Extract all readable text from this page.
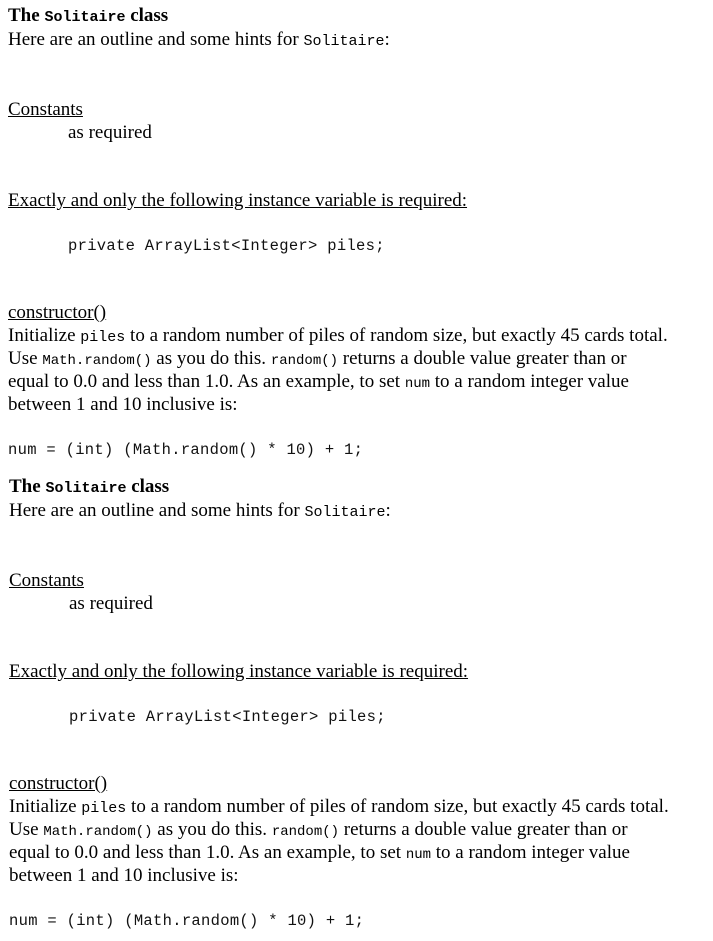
The Solitaire class
Here are an outline and some hints for Solitaire:
Constants
as required
Exactly and only the following instance variable is required:
private ArrayList<Integer> piles;
constructor()
Initialize piles to a random number of piles of random size, but exactly 45 cards total.
Use Math.random() as you do this. random() returns a double value greater than or
equal to 0.0 and less than 1.0. As an example, to set num to a random integer value
between 1 and 10 inclusive is:
num = (int) (Math.random() * 10) + 1;
The Solitaire class
Here are an outline and some hints for Solitaire:
Constants
as required
Exactly and only the following instance variable is required:
private ArrayList<Integer> piles;
constructor()
Initialize piles to a random number of piles of random size, but exactly 45 cards total.
Use Math.random() as you do this. random() returns a double value greater than or
equal to 0.0 and less than 1.0. As an example, to set num to a random integer value
between 1 and 10 inclusive is:
num = (int) (Math.random() * 10) + 1;
